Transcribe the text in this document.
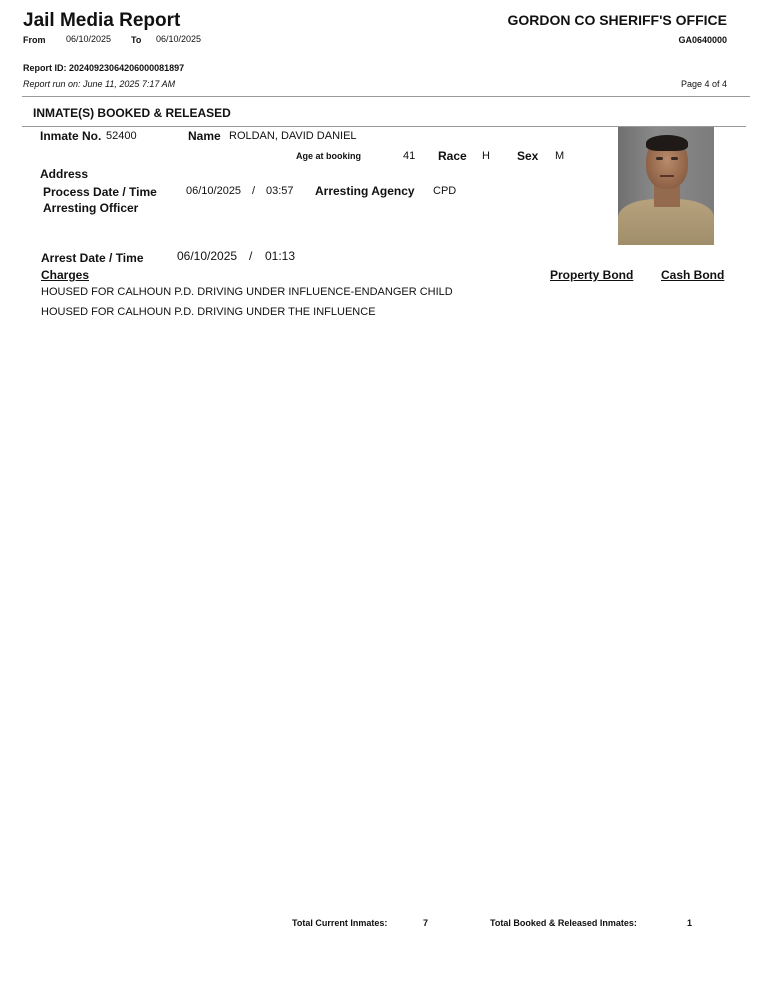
Jail Media Report
From 06/10/2025 To 06/10/2025
GORDON CO SHERIFF'S OFFICE
GA0640000
Report ID: 20240923064206000081897
Report run on: June 11, 2025 7:17 AM	Page 4 of 4
INMATE(S) BOOKED & RELEASED
Inmate No. 52400	Name ROLDAN, DAVID DANIEL
Age at booking	41 Race H Sex M
Address
Process Date / Time	06/10/2025 / 03:57 Arresting Agency CPD
Arresting Officer
Arrest Date / Time	06/10/2025 / 01:13
Charges	Property Bond Cash Bond
HOUSED FOR CALHOUN P.D. DRIVING UNDER INFLUENCE-ENDANGER CHILD
HOUSED FOR CALHOUN P.D. DRIVING UNDER THE INFLUENCE
Total Current Inmates:	7	Total Booked & Released Inmates:	1
